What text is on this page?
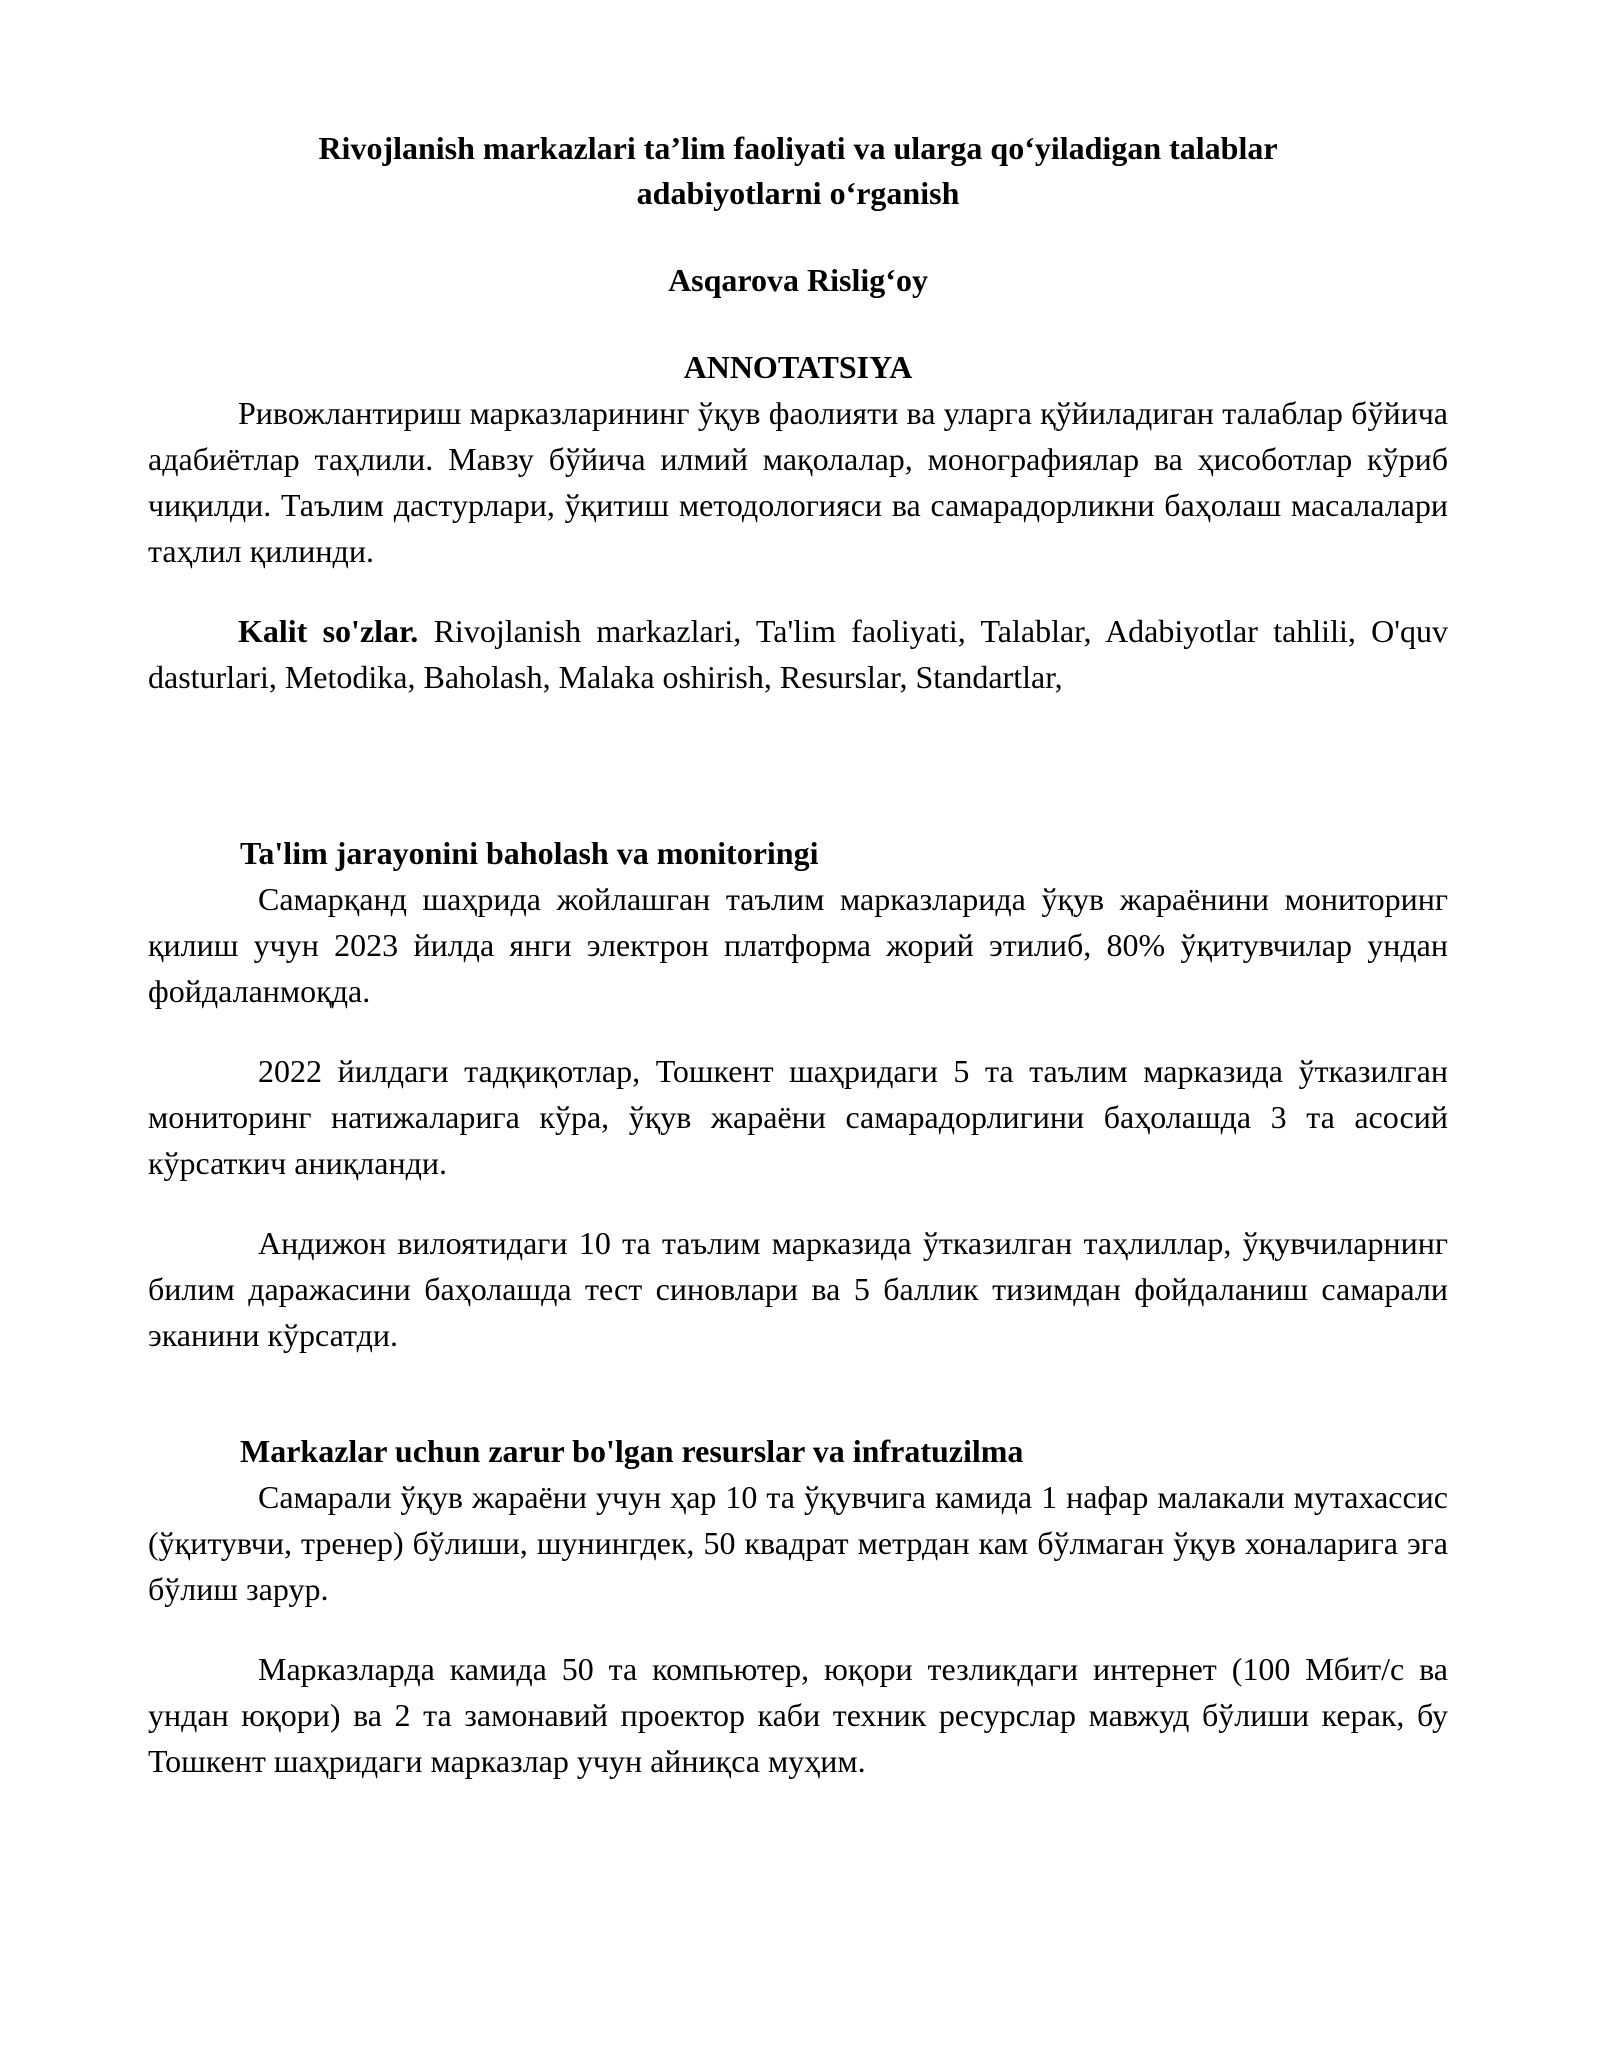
Rivojlanish markazlari ta’lim faoliyati va ularga qo‘yiladigan talablar
adabiyotlarni o‘rganish
Asqarova Rislig‘oy
ANNOTATSIYA

Ривожлантириш марказларининг ўқув фаолияти ва уларга қўйиладиган талаблар бўйича адабиётлар таҳлили. Мавзу бўйича илмий мақолалар, монографиялар ва ҳисоботлар кўриб чиқилди. Таълим дастурлари, ўқитиш методологияси ва самарадорликни баҳолаш масалалари таҳлил қилинди.

Kalit so'zlar. Rivojlanish markazlari, Ta'lim faoliyati, Talablar, Adabiyotlar tahlili, O'quv dasturlari, Metodika, Baholash, Malaka oshirish, Resurslar, Standartlar,

Ta'lim jarayonini baholash va monitoringi

Самарқанд шаҳрида жойлашган таълим марказларида ўқув жараёнини мониторинг қилиш учун 2023 йилда янги электрон платформа жорий этилиб, 80% ўқитувчилар ундан фойдаланмоқда.

2022 йилдаги тадқиқотлар, Тошкент шаҳридаги 5 та таълим марказида ўтказилган мониторинг натижаларига кўра, ўқув жараёни самарадорлигини баҳолашда 3 та асосий кўрсаткич аниқланди.

Андижон вилоятидаги 10 та таълим марказида ўтказилган таҳлиллар, ўқувчиларнинг билим даражасини баҳолашда тест синовлари ва 5 баллик тизимдан фойдаланиш самарали эканини кўрсатди.

Markazlar uchun zarur bo'lgan resurslar va infratuzilma

Самарали ўқув жараёни учун ҳар 10 та ўқувчига камида 1 нафар малакали мутахассис (ўқитувчи, тренер) бўлиши, шунингдек, 50 квадрат метрдан кам бўлмаган ўқув хоналарига эга бўлиш зарур.

Марказларда камида 50 та компьютер, юқори тезликдаги интернет (100 Мбит/с ва ундан юқори) ва 2 та замонавий проектор каби техник ресурслар мавжуд бўлиши керак, бу Тошкент шаҳридаги марказлар учун айниқса муҳим.
